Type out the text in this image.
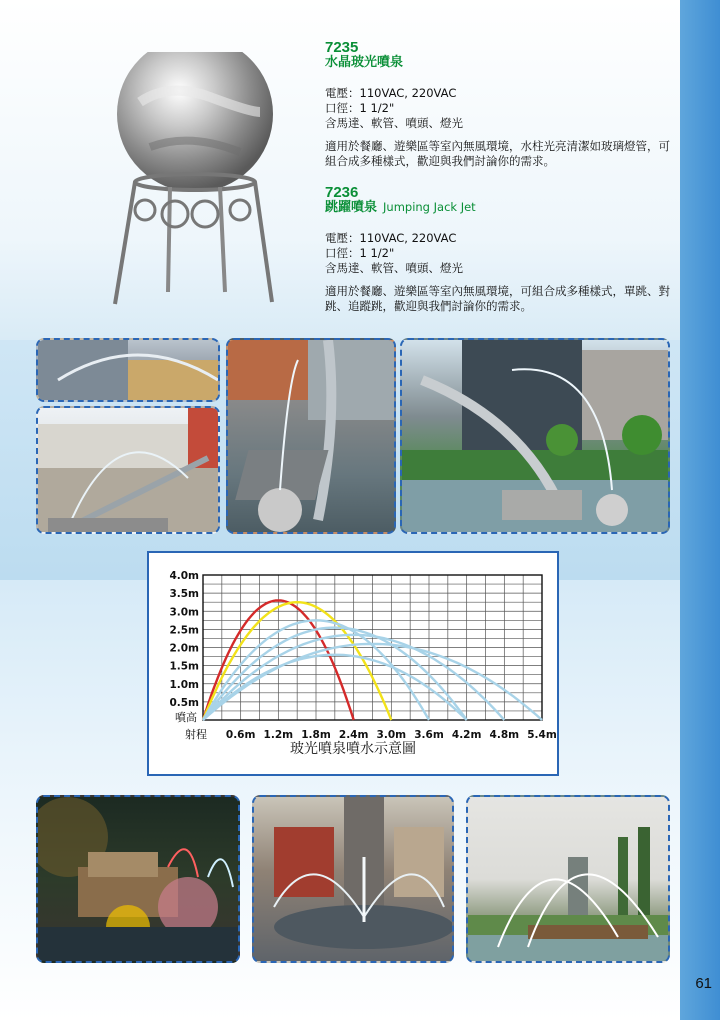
61
7235
水晶玻光噴泉

電壓：110VAC, 220VAC

口徑：1 1/2"

含馬達、軟管、噴頭、燈光

適用於餐廳、遊樂區等室內無風環境，水柱光亮清潔如玻璃燈管，可組合成多種樣式，歡迎與我們討論你的需求。

7236
跳躍噴泉 Jumping Jack Jet

電壓：110VAC, 220VAC

口徑：1 1/2"

含馬達、軟管、噴頭、燈光

適用於餐廳、遊樂區等室內無風環境，可組合成多種樣式，單跳、對跳、追蹤跳，歡迎與我們討論你的需求。

0.5m
1.0m
1.5m
2.0m
2.5m
3.0m
3.5m
4.0m
0.6m 1.2m 1.8m 2.4m 3.0m 3.6m 4.2m 4.8m 5.4m
噴高
射程
玻光噴泉噴水示意圖
